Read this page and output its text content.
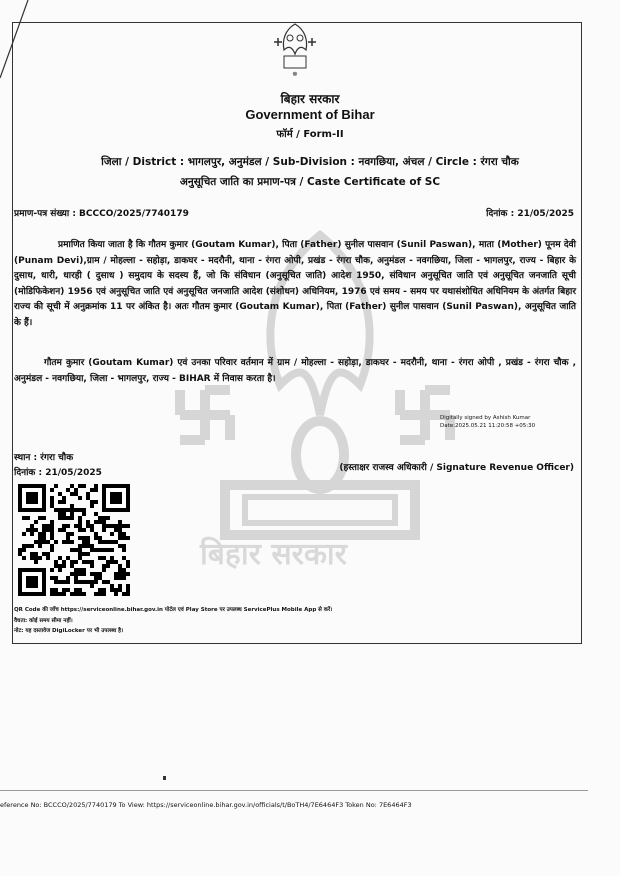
☸
बिहार सरकार
Government of Bihar
फॉर्म / Form-II
जिला / District : भागलपुर, अनुमंडल / Sub-Division : नवगछिया, अंचल / Circle : रंगरा चौक
अनुसूचित जाति का प्रमाण-पत्र / Caste Certificate of SC
प्रमाण-पत्र संख्या : BCCCO/2025/7740179	दिनांक : 21/05/2025
प्रमाणित किया जाता है कि गौतम कुमार (Goutam Kumar), पिता (Father) सुनील पासवान (Sunil Paswan), माता (Mother) पूनम देवी (Punam Devi),ग्राम / मोहल्ला - सहोड़ा, डाकघर - मदरौनी, थाना - रंगरा ओपी, प्रखंड - रंगरा चौक, अनुमंडल - नवगछिया, जिला - भागलपुर, राज्य - बिहार के दुसाध, धारी, धारही ( दुसाध ) समुदाय के सदस्य हैं, जो कि संविधान (अनुसूचित जाति) आदेश 1950, संविधान अनुसूचित जाति एवं अनुसूचित जनजाति सूची (मोडिफिकेशन) 1956 एवं अनुसूचित जाति एवं अनुसूचित जनजाति आदेश (संशोधन) अधिनियम, 1976 एवं समय - समय पर यथासंशोधित अधिनियम के अंतर्गत बिहार राज्य की सूची में अनुक्रमांक 11 पर अंकित है। अतः गौतम कुमार (Goutam Kumar), पिता (Father) सुनील पासवान (Sunil Paswan), अनुसूचित जाति के हैं।
गौतम कुमार (Goutam Kumar) एवं उनका परिवार वर्तमान में ग्राम / मोहल्ला - सहोड़ा, डाकघर - मदरौनी, थाना - रंगरा ओपी , प्रखंड - रंगरा चौक , अनुमंडल - नवगछिया, जिला - भागलपुर, राज्य - BIHAR में निवास करता है।
Digitally signed by Ashish Kumar
Date:2025.05.21 11:20:58 +05:30
स्थान : रंगरा चौक
दिनांक : 21/05/2025	(हस्ताक्षर राजस्व अधिकारी / Signature Revenue Officer)
बिहार सरकार
QR Code की जाँच https://serviceonline.bihar.gov.in पोर्टल एवं Play Store पर उपलब्ध ServicePlus Mobile App से करें।
वैधता: कोई समय सीमा नहीं।
नोट: यह दस्तावेज DigiLocker पर भी उपलब्ध है।
eference No: BCCCO/2025/7740179 To View: https://serviceonline.bihar.gov.in/officials/t/BoTH4/7E6464F3 Token No: 7E6464F3
